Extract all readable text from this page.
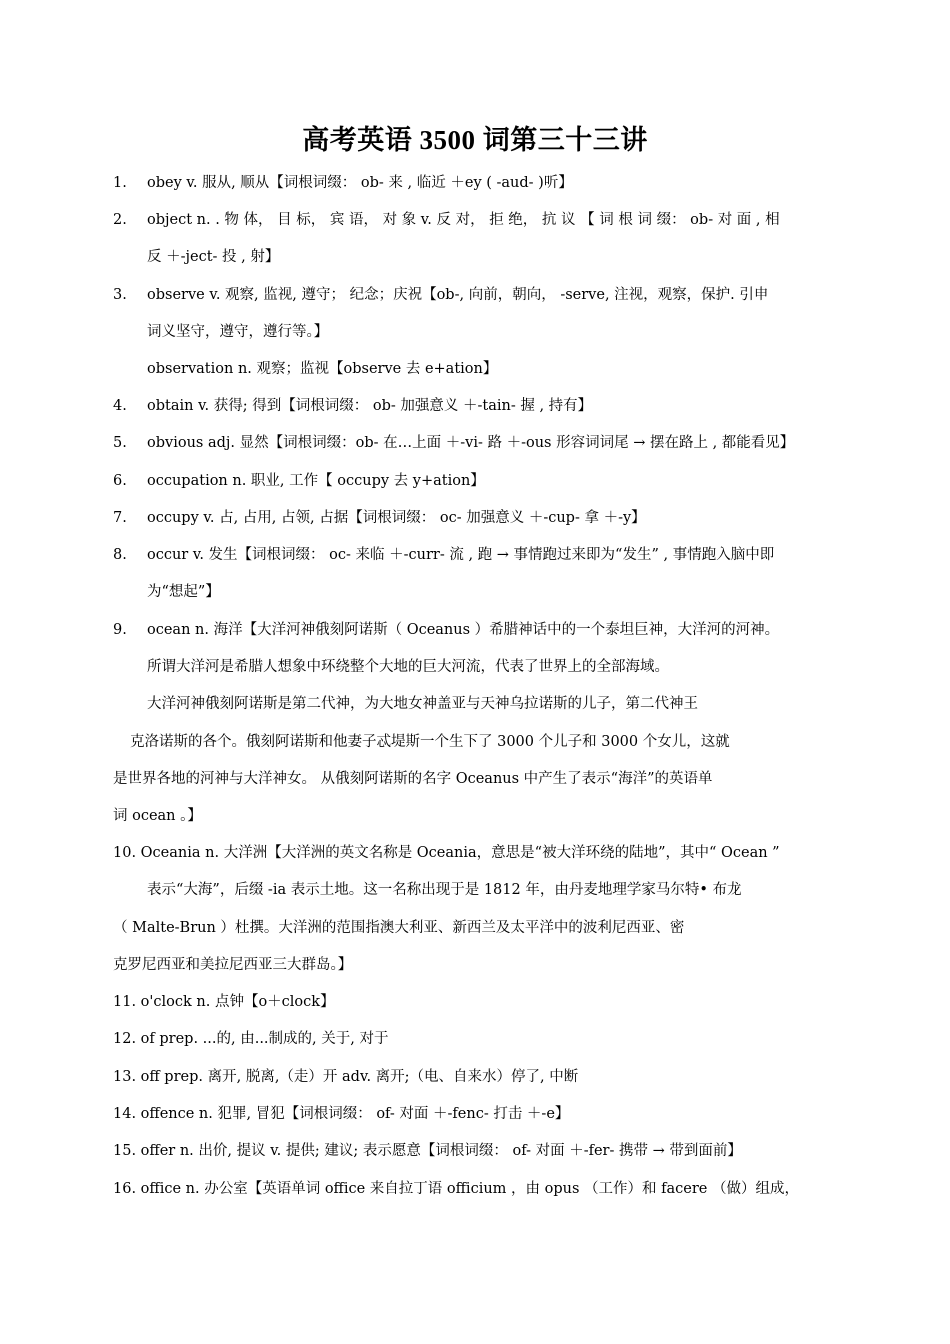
高考英语 3500 词第三十三讲
1. obey v. 服从, 顺从【词根词缀： ob- 来 , 临近 ＋ey ( -aud- )听】
2. object n. . 物 体， 目 标， 宾 语， 对 象 v. 反 对， 拒 绝， 抗 议 【 词 根 词 缀： ob- 对 面 , 相
反 ＋-ject- 投 , 射】
3. observe v. 观察, 监视, 遵守； 纪念；庆祝【ob-, 向前，朝向， -serve, 注视，观察，保护. 引申
词义坚守，遵守，遵行等。】
observation n. 观察；监视【observe 去 e+ation】
4. obtain v. 获得; 得到【词根词缀： ob- 加强意义 ＋-tain- 握 , 持有】
5. obvious adj. 显然【词根词缀：ob- 在…上面 ＋-vi- 路 ＋-ous 形容词词尾 → 摆在路上 , 都能看见】
6. occupation n. 职业, 工作【 occupy 去 y+ation】
7. occupy v. 占, 占用, 占领, 占据【词根词缀： oc- 加强意义 ＋-cup- 拿 ＋-y】
8. occur v. 发生【词根词缀： oc- 来临 ＋-curr- 流 , 跑 → 事情跑过来即为“发生” , 事情跑入脑中即
为“想起”】
9. ocean n. 海洋【大洋河神俄刻阿诺斯（ Oceanus ）希腊神话中的一个泰坦巨神，大洋河的河神。
所谓大洋河是希腊人想象中环绕整个大地的巨大河流，代表了世界上的全部海域。
大洋河神俄刻阿诺斯是第二代神，为大地女神盖亚与天神乌拉诺斯的儿子，第二代神王
克洛诺斯的各个。俄刻阿诺斯和他妻子忒堤斯一个生下了 3000 个儿子和 3000 个女儿，这就
是世界各地的河神与大洋神女。 从俄刻阿诺斯的名字 Oceanus 中产生了表示“海洋”的英语单
词 ocean 。】
10. Oceania n. 大洋洲【大洋洲的英文名称是 Oceania，意思是“被大洋环绕的陆地”，其中“ Ocean ”
表示“大海”，后缀 -ia 表示土地。这一名称出现于是 1812 年，由丹麦地理学家马尔特• 布龙
（ Malte-Brun ）杜撰。大洋洲的范围指澳大利亚、新西兰及太平洋中的波利尼西亚、密
克罗尼西亚和美拉尼西亚三大群岛。】
11. o'clock n. 点钟【o＋clock】
12. of prep. ...的, 由...制成的, 关于, 对于
13. off prep. 离开, 脱离,（走）开 adv. 离开;（电、自来水）停了, 中断
14. offence n. 犯罪, 冒犯【词根词缀： of- 对面 ＋-fenc- 打击 ＋-e】
15. offer n. 出价, 提议 v. 提供; 建议; 表示愿意【词根词缀： of- 对面 ＋-fer- 携带 → 带到面前】
16. office n. 办公室【英语单词 office 来自拉丁语 officium ，由 opus （工作）和 facere （做）组成，
